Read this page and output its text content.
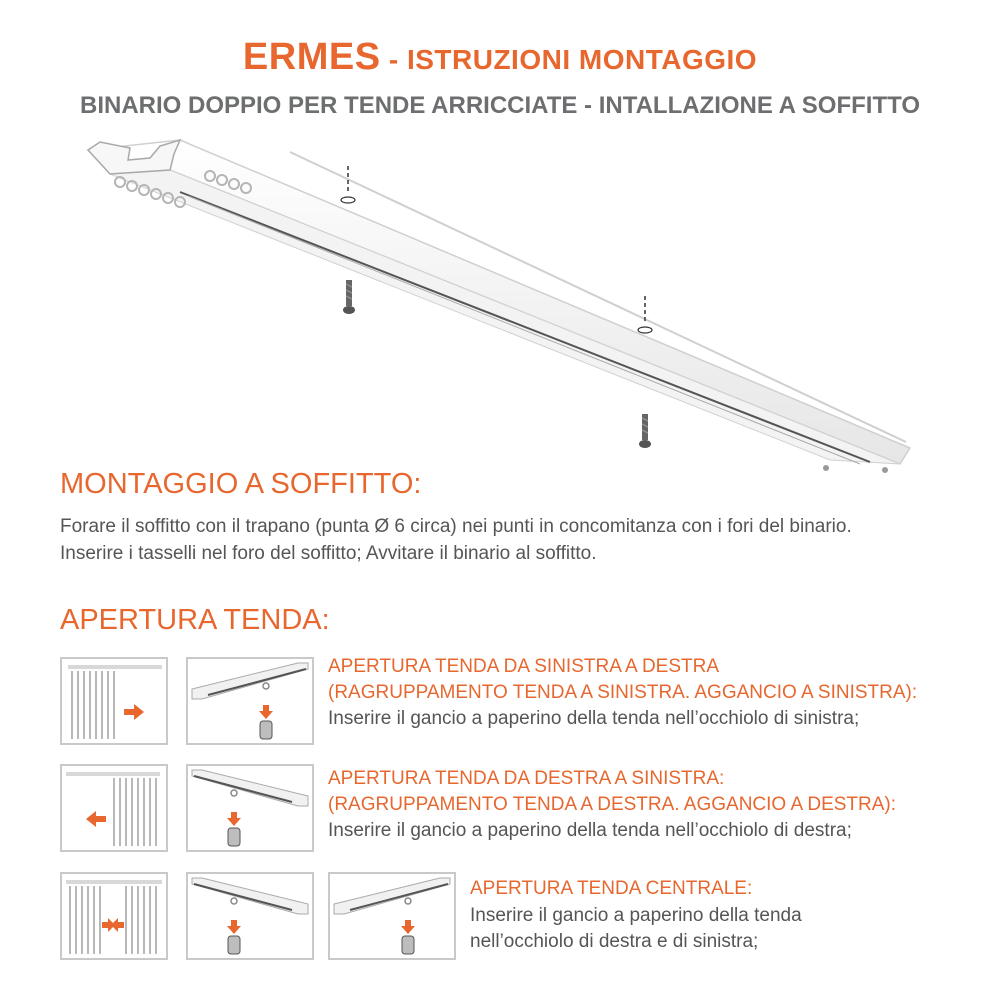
ERMES - ISTRUZIONI MONTAGGIO
BINARIO DOPPIO PER TENDE ARRICCIATE - INTALLAZIONE A SOFFITTO
MONTAGGIO A SOFFITTO:
Forare il soffitto con il trapano (punta Ø 6 circa) nei punti in concomitanza con i fori del binario.
Inserire i tasselli nel foro del soffitto; Avvitare il binario al soffitto.
APERTURA TENDA:
APERTURA TENDA DA SINISTRA A DESTRA
(RAGRUPPAMENTO TENDA A SINISTRA. AGGANCIO A SINISTRA):
Inserire il gancio a paperino della tenda nell’occhiolo di sinistra;
APERTURA TENDA DA DESTRA A SINISTRA:
(RAGRUPPAMENTO TENDA A DESTRA. AGGANCIO A DESTRA):
Inserire il gancio a paperino della tenda nell’occhiolo di destra;
APERTURA TENDA CENTRALE:
Inserire il gancio a paperino della tenda
nell’occhiolo di destra e di sinistra;
